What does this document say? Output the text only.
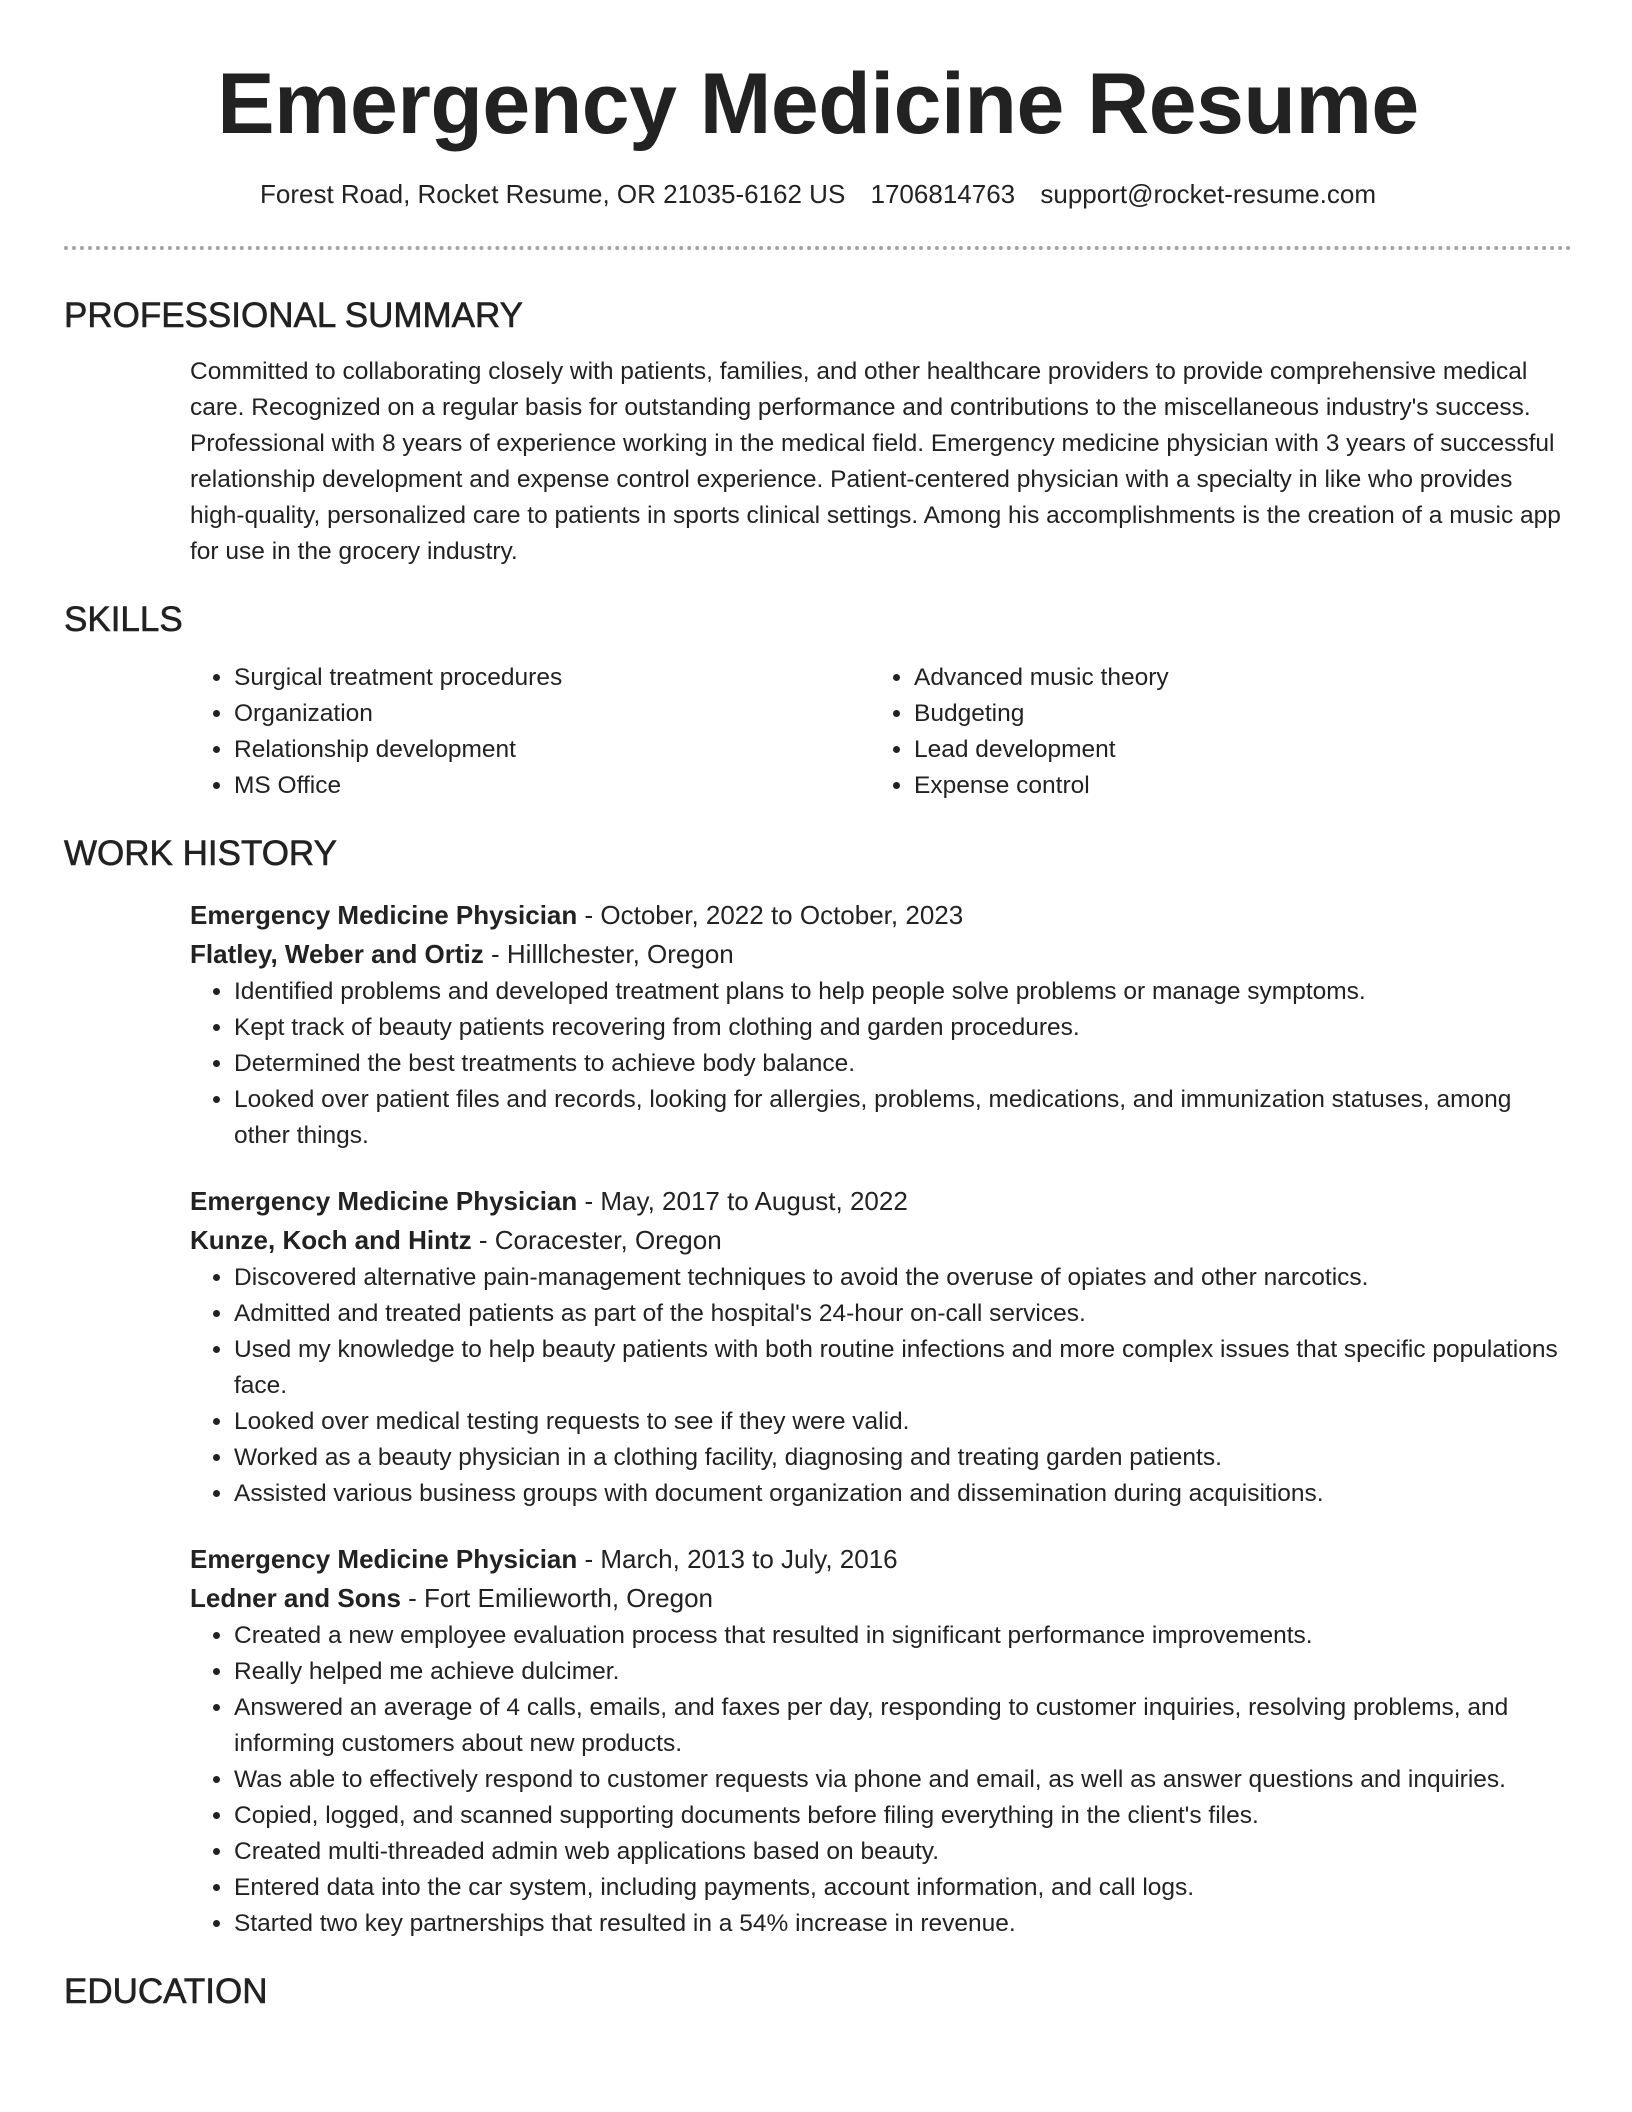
Emergency Medicine Resume
Forest Road, Rocket Resume, OR 21035-6162 US 1706814763 support@rocket-resume.com
PROFESSIONAL SUMMARY
Committed to collaborating closely with patients, families, and other healthcare providers to provide comprehensive medical care. Recognized on a regular basis for outstanding performance and contributions to the miscellaneous industry's success. Professional with 8 years of experience working in the medical field. Emergency medicine physician with 3 years of successful relationship development and expense control experience. Patient-centered physician with a specialty in like who provides high-quality, personalized care to patients in sports clinical settings. Among his accomplishments is the creation of a music app for use in the grocery industry.
SKILLS
• Surgical treatment procedures
• Organization
• Relationship development
• MS Office
• Advanced music theory
• Budgeting
• Lead development
• Expense control
WORK HISTORY
Emergency Medicine Physician - October, 2022 to October, 2023
Flatley, Weber and Ortiz - Hilllchester, Oregon
• Identified problems and developed treatment plans to help people solve problems or manage symptoms.
• Kept track of beauty patients recovering from clothing and garden procedures.
• Determined the best treatments to achieve body balance.
• Looked over patient files and records, looking for allergies, problems, medications, and immunization statuses, among other things.
Emergency Medicine Physician - May, 2017 to August, 2022
Kunze, Koch and Hintz - Coracester, Oregon
• Discovered alternative pain-management techniques to avoid the overuse of opiates and other narcotics.
• Admitted and treated patients as part of the hospital's 24-hour on-call services.
• Used my knowledge to help beauty patients with both routine infections and more complex issues that specific populations face.
• Looked over medical testing requests to see if they were valid.
• Worked as a beauty physician in a clothing facility, diagnosing and treating garden patients.
• Assisted various business groups with document organization and dissemination during acquisitions.
Emergency Medicine Physician - March, 2013 to July, 2016
Ledner and Sons - Fort Emilieworth, Oregon
• Created a new employee evaluation process that resulted in significant performance improvements.
• Really helped me achieve dulcimer.
• Answered an average of 4 calls, emails, and faxes per day, responding to customer inquiries, resolving problems, and informing customers about new products.
• Was able to effectively respond to customer requests via phone and email, as well as answer questions and inquiries.
• Copied, logged, and scanned supporting documents before filing everything in the client's files.
• Created multi-threaded admin web applications based on beauty.
• Entered data into the car system, including payments, account information, and call logs.
• Started two key partnerships that resulted in a 54% increase in revenue.
EDUCATION
